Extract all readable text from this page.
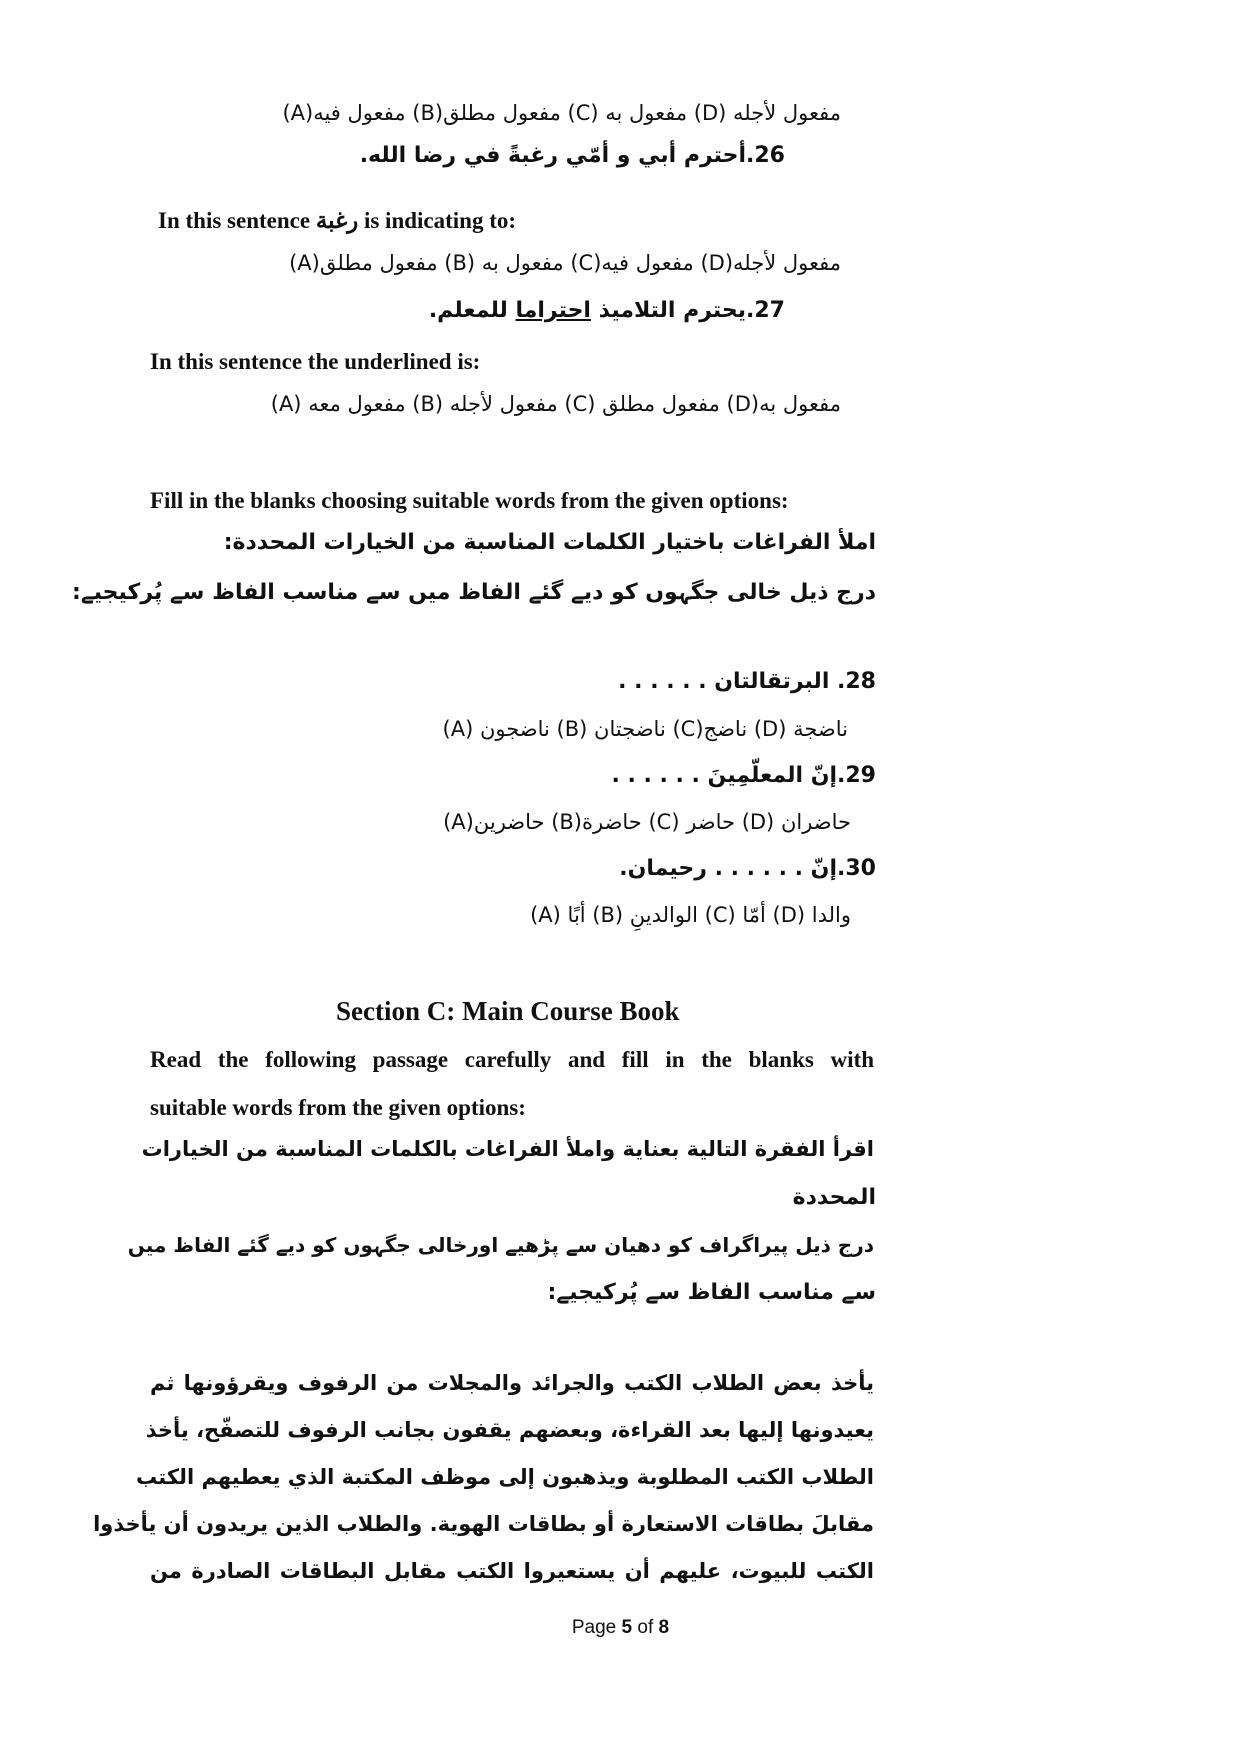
(A)مفعول فيه (B)مفعول مطلق (C) مفعول به (D) مفعول لأجله
26.أحترم أبي و أمّي رغبةً في رضا الله.
In this sentence رغبة is indicating to:
(A)مفعول مطلق (B) مفعول به (C)مفعول فيه (D)مفعول لأجله
27.يحترم التلاميذ احتراما للمعلم.
In this sentence the underlined is:
(A) مفعول معه (B) مفعول لأجله (C) مفعول مطلق (D)مفعول به
Fill in the blanks choosing suitable words from the given options:
املأ الفراغات باختيار الكلمات المناسبة من الخيارات المحددة:
درج ذیل خالی جگہوں کو دیے گئے الفاظ میں سے مناسب الفاظ سے پُرکیجیے:
28. البرتقالتان . . . . . .
(A) ناضجون (B) ناضجتان (C)ناضج (D) ناضجة
29.إنّ المعلّمِينَ . . . . . .
(A)حاضرين (B)حاضرة (C) حاضر (D) حاضران
30.إنّ . . . . . . رحيمان.
(A) أبًا (B) الوالدينِ (C) أمّا (D) والدا
Section C: Main Course Book
Read the following passage carefully and fill in the blanks with
suitable words from the given options:
اقرأ الفقرة التالية بعناية واملأ الفراغات بالكلمات المناسبة من الخيارات
المحددة
درج ذیل پیراگراف کو دھیان سے پڑھیے اورخالی جگہوں کو دیے گئے الفاظ میں
سے مناسب الفاظ سے پُرکیجیے:
يأخذ بعض الطلاب الكتب والجرائد والمجلات من الرفوف ويقرؤونها ثم
يعيدونها إليها بعد القراءة، وبعضهم يقفون بجانب الرفوف للتصفّح، يأخذ
الطلاب الكتب المطلوبة ويذهبون إلى موظف المكتبة الذي يعطيهم الكتب
مقابلَ بطاقات الاستعارة أو بطاقات الهوية. والطلاب الذين يريدون أن يأخذوا
الكتب للبيوت، عليهم أن يستعيروا الكتب مقابل البطاقات الصادرة من
Page 5 of 8
